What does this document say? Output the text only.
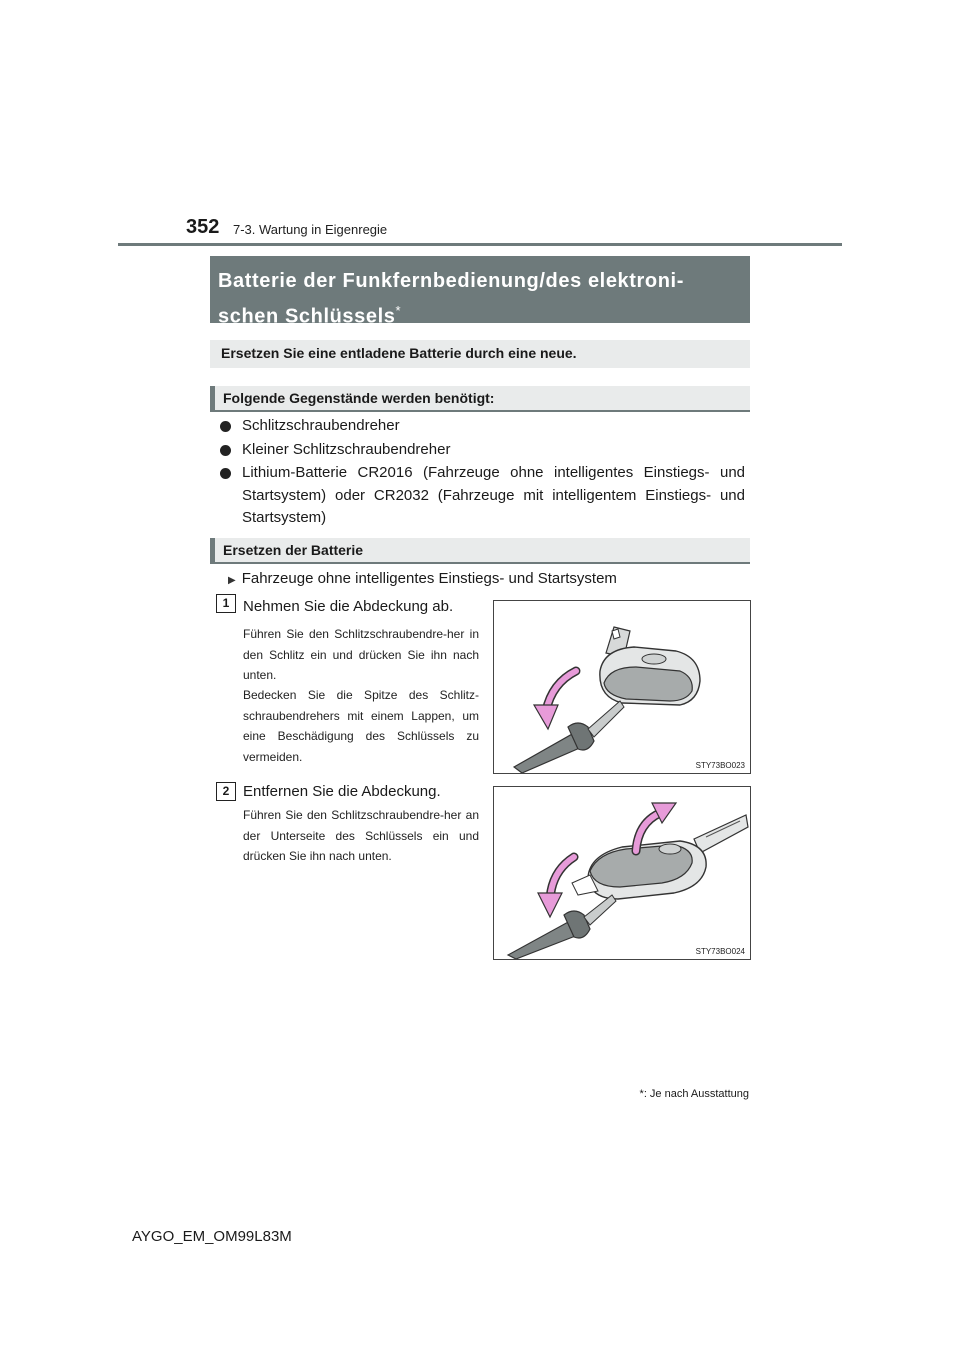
352 7-3. Wartung in Eigenregie
Batterie der Funkfernbedienung/des elektroni-
schen Schlüssels*
Ersetzen Sie eine entladene Batterie durch eine neue.
Folgende Gegenstände werden benötigt:
Schlitzschraubendreher
Kleiner Schlitzschraubendreher
Lithium-Batterie CR2016 (Fahrzeuge ohne intelligentes Einstiegs- und Startsystem) oder CR2032 (Fahrzeuge mit intelligentem Einstiegs- und Startsystem)
Ersetzen der Batterie
▶ Fahrzeuge ohne intelligentes Einstiegs- und Startsystem
1 Nehmen Sie die Abdeckung ab.

Führen Sie den Schlitzschraubendre-her in den Schlitz ein und drücken Sie ihn nach unten.

Bedecken Sie die Spitze des Schlitz-schraubendrehers mit einem Lappen, um eine Beschädigung des Schlüssels zu vermeiden.

STY73BO023
2 Entfernen Sie die Abdeckung.

Führen Sie den Schlitzschraubendre-her an der Unterseite des Schlüssels ein und drücken Sie ihn nach unten.

STY73BO024
*: Je nach Ausstattung
AYGO_EM_OM99L83M
